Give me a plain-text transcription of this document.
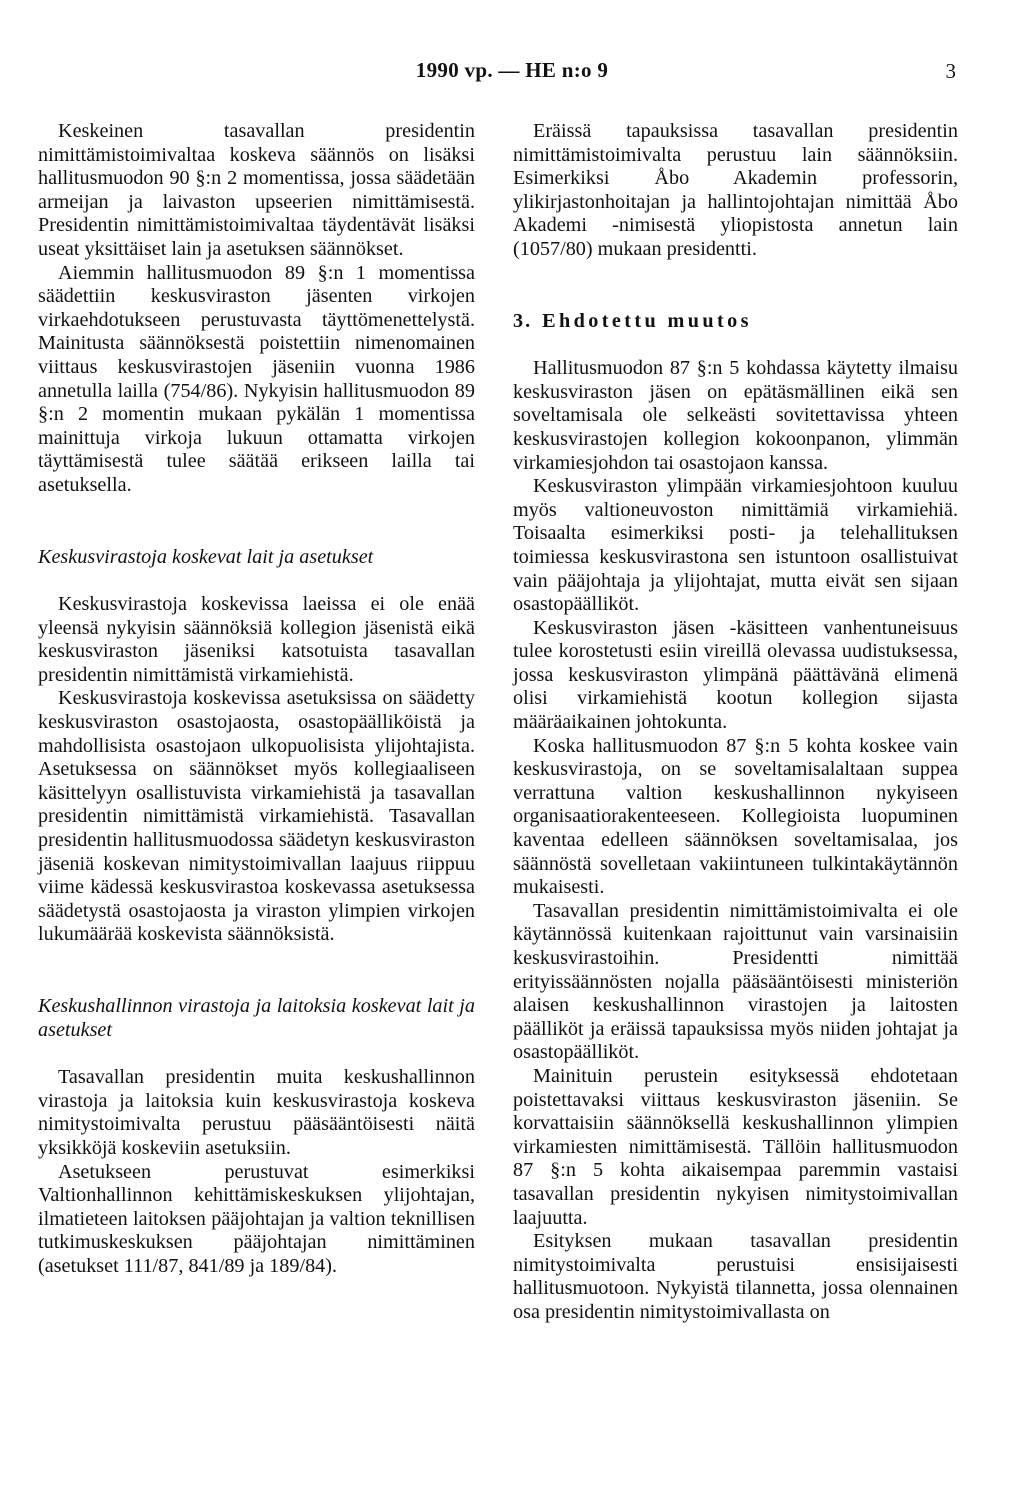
1990 vp. — HE n:o 9	3

Keskeinen tasavallan presidentin nimittämistoimivaltaa koskeva säännös on lisäksi hallitusmuodon 90 §:n 2 momentissa, jossa säädetään armeijan ja laivaston upseerien nimittämisestä. Presidentin nimittämistoimivaltaa täydentävät lisäksi useat yksittäiset lain ja asetuksen säännökset.

Aiemmin hallitusmuodon 89 §:n 1 momentissa säädettiin keskusviraston jäsenten virkojen virkaehdotukseen perustuvasta täyttömenettelystä. Mainitusta säännöksestä poistettiin nimenomainen viittaus keskusvirastojen jäseniin vuonna 1986 annetulla lailla (754/86). Nykyisin hallitusmuodon 89 §:n 2 momentin mukaan pykälän 1 momentissa mainittuja virkoja lukuun ottamatta virkojen täyttämisestä tulee säätää erikseen lailla tai asetuksella.

Keskusvirastoja koskevat lait ja asetukset

Keskusvirastoja koskevissa laeissa ei ole enää yleensä nykyisin säännöksiä kollegion jäsenistä eikä keskusviraston jäseniksi katsotuista tasavallan presidentin nimittämistä virkamiehistä.

Keskusvirastoja koskevissa asetuksissa on säädetty keskusviraston osastojaosta, osastopäälliköistä ja mahdollisista osastojaon ulkopuolisista ylijohtajista. Asetuksessa on säännökset myös kollegiaaliseen käsittelyyn osallistuvista virkamiehistä ja tasavallan presidentin nimittämistä virkamiehistä. Tasavallan presidentin hallitusmuodossa säädetyn keskusviraston jäseniä koskevan nimitystoimivallan laajuus riippuu viime kädessä keskusvirastoa koskevassa asetuksessa säädetystä osastojaosta ja viraston ylimpien virkojen lukumäärää koskevista säännöksistä.

Keskushallinnon virastoja ja laitoksia koskevat lait ja asetukset

Tasavallan presidentin muita keskushallinnon virastoja ja laitoksia kuin keskusvirastoja koskeva nimitystoimivalta perustuu pääsääntöisesti näitä yksikköjä koskeviin asetuksiin.

Asetukseen perustuvat esimerkiksi Valtionhallinnon kehittämiskeskuksen ylijohtajan, ilmatieteen laitoksen pääjohtajan ja valtion teknillisen tutkimuskeskuksen pääjohtajan nimittäminen (asetukset 111/87, 841/89 ja 189/84).

Eräissä tapauksissa tasavallan presidentin nimittämistoimivalta perustuu lain säännöksiin. Esimerkiksi Åbo Akademin professorin, ylikirjastonhoitajan ja hallintojohtajan nimittää Åbo Akademi -nimisestä yliopistosta annetun lain (1057/80) mukaan presidentti.

3. Ehdotettu muutos

Hallitusmuodon 87 §:n 5 kohdassa käytetty ilmaisu keskusviraston jäsen on epätäsmällinen eikä sen soveltamisala ole selkeästi sovitettavissa yhteen keskusvirastojen kollegion kokoonpanon, ylimmän virkamiesjohdon tai osastojaon kanssa.

Keskusviraston ylimpään virkamiesjohtoon kuuluu myös valtioneuvoston nimittämiä virkamiehiä. Toisaalta esimerkiksi posti- ja telehallituksen toimiessa keskusvirastona sen istuntoon osallistuivat vain pääjohtaja ja ylijohtajat, mutta eivät sen sijaan osastopäälliköt.

Keskusviraston jäsen -käsitteen vanhentuneisuus tulee korostetusti esiin vireillä olevassa uudistuksessa, jossa keskusviraston ylimpänä päättävänä elimenä olisi virkamiehistä kootun kollegion sijasta määräaikainen johtokunta.

Koska hallitusmuodon 87 §:n 5 kohta koskee vain keskusvirastoja, on se soveltamisalaltaan suppea verrattuna valtion keskushallinnon nykyiseen organisaatiorakenteeseen. Kollegioista luopuminen kaventaa edelleen säännöksen soveltamisalaa, jos säännöstä sovelletaan vakiintuneen tulkintakäytännön mukaisesti.

Tasavallan presidentin nimittämistoimivalta ei ole käytännössä kuitenkaan rajoittunut vain varsinaisiin keskusvirastoihin. Presidentti nimittää erityissäännösten nojalla pääsääntöisesti ministeriön alaisen keskushallinnon virastojen ja laitosten päälliköt ja eräissä tapauksissa myös niiden johtajat ja osastopäälliköt.

Mainituin perustein esityksessä ehdotetaan poistettavaksi viittaus keskusviraston jäseniin. Se korvattaisiin säännöksellä keskushallinnon ylimpien virkamiesten nimittämisestä. Tällöin hallitusmuodon 87 §:n 5 kohta aikaisempaa paremmin vastaisi tasavallan presidentin nykyisen nimitystoimivallan laajuutta.

Esityksen mukaan tasavallan presidentin nimitystoimivalta perustuisi ensisijaisesti hallitusmuotoon. Nykyistä tilannetta, jossa olennainen osa presidentin nimitystoimivallasta on
